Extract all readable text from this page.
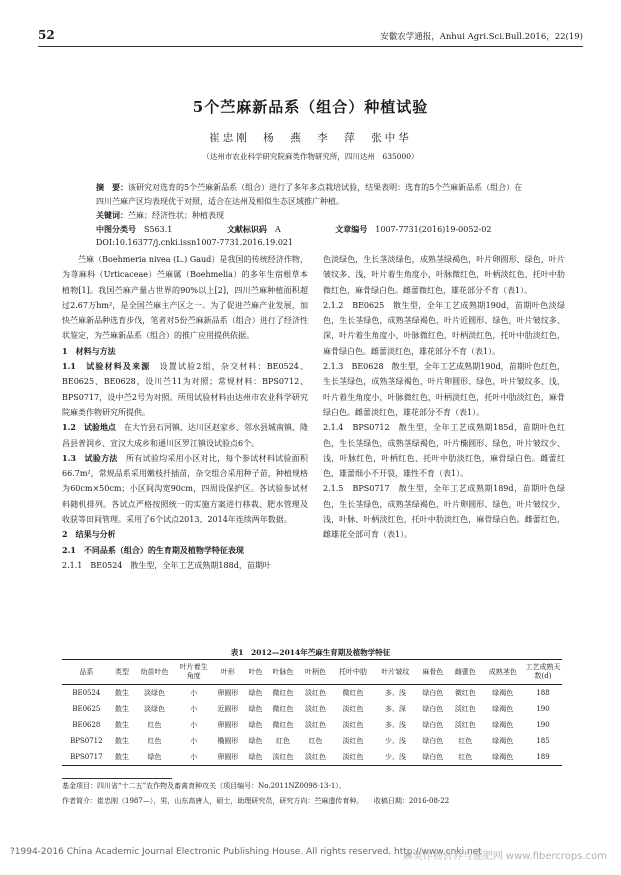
52	安徽农学通报，Anhui Agri.Sci.Bull.2016，22(19)
5个苎麻新品系（组合）种植试验
崔忠刚　杨　燕　李　萍　张中华
（达州市农业科学研究院麻类作物研究所，四川达州　635000）
摘　要：该研究对选育的5个苎麻新品系（组合）进行了多年多点栽培试验，结果表明：选育的5个苎麻新品系（组合）在四川苎麻产区均表现优于对照，适合在达州及相似生态区域推广种植。
关键词：苎麻；经济性状；种植表现
中图分类号　 S563.1	文献标识码　 A	文章编号　 1007-7731(2016)19-0052-02
DOI:10.16377/j.cnki.issn1007-7731.2016.19.021

苎麻（Boehmeria nivea (L.) Gaud）是我国的传统经济作物，为荨麻科（Urticaceae）苎麻属（Boehmelia）的多年生宿根草本植物[1]。我国苎麻产量占世界的90%以上[2]，四川苎麻种植面积超过2.67万hm²，是全国苎麻主产区之一。为了促进苎麻产业发展，加快苎麻新品种选育步伐，笔者对5份苎麻新品系（组合）进行了经济性状鉴定，为苎麻新品系（组合）的推广应用提供依据。

1　材料与方法

1.1　试验材料及来源　 设置试验2组，杂交材料：BE0524、BE0625、BE0628，设川苎11为对照；常规材料：BPS0712、BPS0717，设中苎2号为对照。所用试验材料由达州市农业科学研究院麻类作物研究所提供。

1.2　试验地点　 在大竹县石河镇、达川区赵家乡、邻水县城南镇、隆昌县普润乡、宣汉大成乡和通川区罗江镇设试验点6个。

1.3　试验方法　 所有试验均采用小区对比，每个参试材料试验面积66.7m²，常规品系采用嫩枝扦插苗，杂交组合采用种子苗，种植规格为60cm×50cm；小区间沟宽90cm，四周设保护区。各试验参试材料随机排列。各试点严格按照统一的实施方案进行移栽、肥水管理及收获等田间管理。采用了6个试点2013、2014年连续两年数据。

2　结果与分析

2.1　不同品系（组合）的生育期及植物学特征表现

2.1.1　BE0524　散生型，全年工艺成熟期188d，苗期叶

色淡绿色，生长茎淡绿色，成熟茎绿褐色，叶片卵圆形、绿色，叶片皱纹多、浅，叶片着生角度小，叶脉微红色，叶柄淡红色，托叶中肋微红色，麻骨绿白色。雌蕾微红色，雄花部分不育（表1）。

2.1.2　BE0625　散生型，全年工艺成熟期190d，苗期叶色淡绿色，生长茎绿色，成熟茎绿褐色，叶片近圆形、绿色，叶片皱纹多、深，叶片着生角度小，叶脉微红色，叶柄淡红色，托叶中肋淡红色，麻骨绿白色。雌蕾淡红色，雄花部分不育（表1）。

2.1.3　BE0628　散生型，全年工艺成熟期190d，苗期叶色红色，生长茎绿色，成熟茎绿褐色，叶片卵圆形、绿色，叶片皱纹多、浅，叶片着生角度小，叶脉微红色，叶柄淡红色，托叶中肋淡红色，麻骨绿白色。雌蕾淡红色，雄花部分不育（表1）。

2.1.4　BPS0712　散生型，全年工艺成熟期185d，苗期叶色红色，生长茎绿色，成熟茎绿褐色，叶片椭圆形、绿色，叶片皱纹少、浅，叶脉红色，叶柄红色、托叶中肋淡红色，麻骨绿白色。雌蕾红色，雄蕾细小不开裂，雄性不育（表1）。

2.1.5　BPS0717　散生型，全年工艺成熟期189d，苗期叶色绿色，生长茎绿色，成熟茎绿褐色，叶片卵圆形、绿色，叶片皱纹少、浅，叶脉、叶柄淡红色，托叶中肋淡红色，麻骨绿白色。雌蕾红色，雌雄花全部可育（表1）。

表1　2012—2014年苎麻生育期及植物学特征
品系	类型	幼苗叶色	叶片着生角度	叶形	叶色	叶脉色	叶柄色	托叶中肋	叶片皱纹	麻骨色	雌蕾色	成熟茎色	工艺成熟天数(d)
BE0524	散生	淡绿色	小	卵圆形	绿色	微红色	淡红色	微红色	多、浅	绿白色	微红色	绿褐色	188
BE0625	散生	淡绿色	小	近圆形	绿色	微红色	淡红色	淡红色	多、深	绿白色	淡红色	绿褐色	190
BE0628	散生	红色	小	卵圆形	绿色	微红色	淡红色	淡红色	多、浅	绿白色	淡红色	绿褐色	190
BPS0712	散生	红色	小	椭圆形	绿色	红色	红色	淡红色	少、浅	绿白色	红色	绿褐色	185
BPS0717	散生	绿色	小	卵圆形	绿色	淡红色	淡红色	淡红色	少、浅	绿白色	红色	绿褐色	189
基金项目：四川省“十二五”农作物及畜禽育种攻关（项目编号：No.2011NZ0098-13-1）。
作者简介：崔忠刚（1987—），男，山东高唐人，硕士，助理研究员，研究方向：苎麻遗传育种。　　 收稿日期：2016-08-22
?1994-2016 China Academic Journal Electronic Publishing House. All rights reserved. http://www.cnki.net
麻类作物营养与施肥网 www.fibercrops.com
